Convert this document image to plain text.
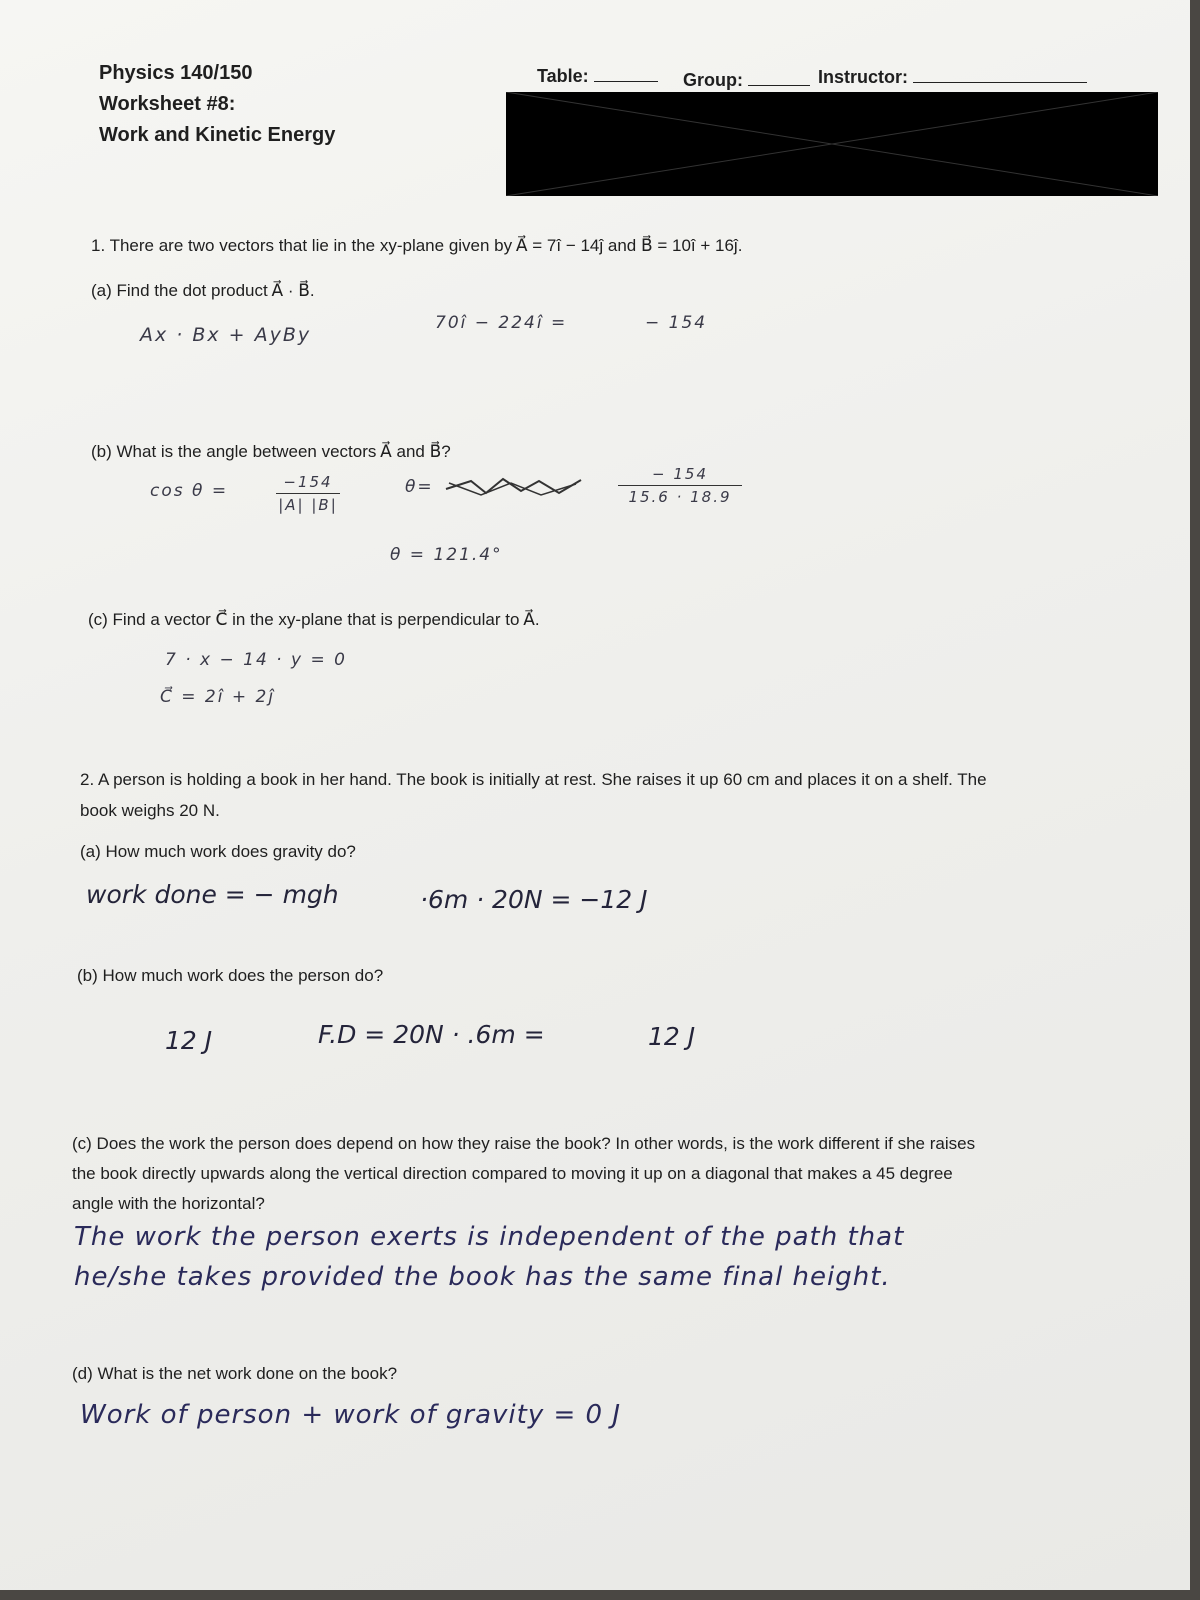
Physics 140/150
Worksheet #8:
Work and Kinetic Energy
Table:	Group:	Instructor:
1. There are two vectors that lie in the xy-plane given by A⃗ = 7î − 14ĵ and B⃗ = 10î + 16ĵ.
(a) Find the dot product A⃗ · B⃗.
Ax · Bx + AyBy
70î − 224î =	− 154
(b) What is the angle between vectors A⃗ and B⃗?
cos θ =	−154
|A| |B|
θ=
− 154
15.6 · 18.9
θ = 121.4°
(c) Find a vector C⃗ in the xy-plane that is perpendicular to A⃗.
7 · x − 14 · y = 0
C⃗ = 2î + 2ĵ
2. A person is holding a book in her hand. The book is initially at rest. She raises it up 60 cm and places it on a shelf. The
book weighs 20 N.
(a) How much work does gravity do?
work done = − mgh	·6m · 20N = −12 J
(b) How much work does the person do?
12 J	F.D = 20N · .6m =	12 J
(c) Does the work the person does depend on how they raise the book? In other words, is the work different if she raises
the book directly upwards along the vertical direction compared to moving it up on a diagonal that makes a 45 degree
angle with the horizontal?
The work the person exerts is independent of the path that
he/she takes provided the book has the same final height.
(d) What is the net work done on the book?
Work of person + work of gravity = 0 J
